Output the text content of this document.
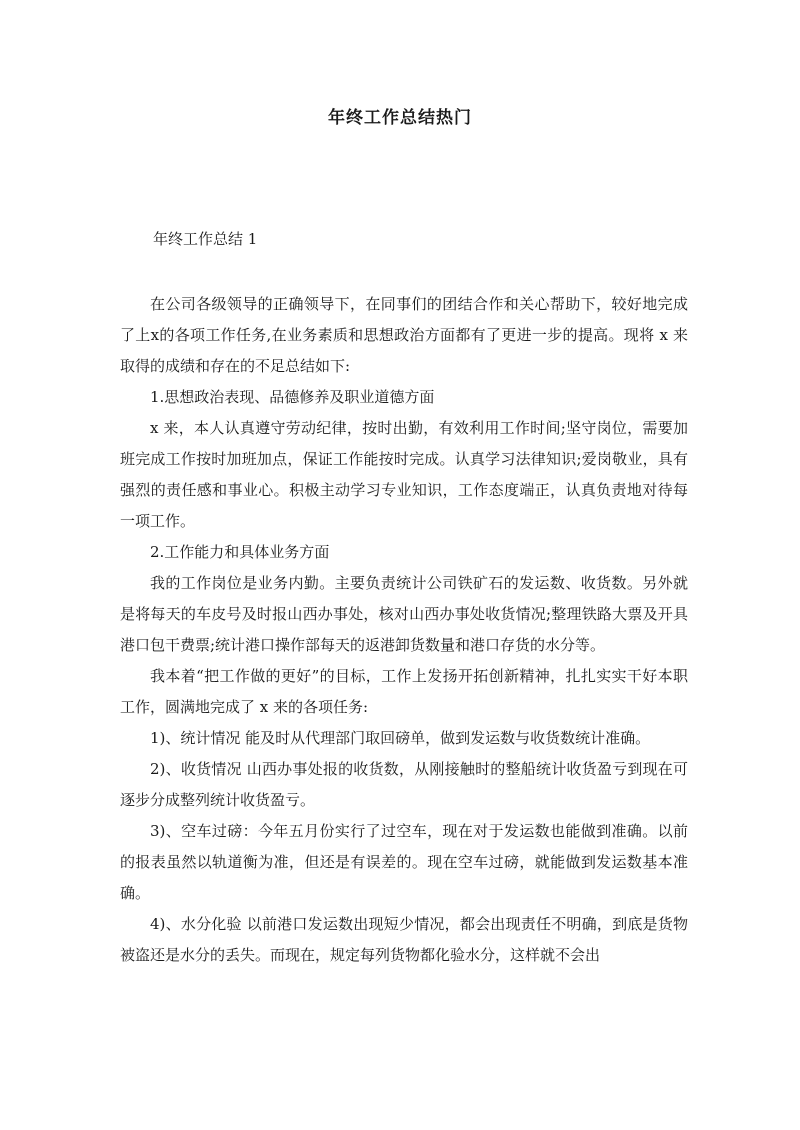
年终工作总结热门
年终工作总结 1

在公司各级领导的正确领导下，在同事们的团结合作和关心帮助下，较好地完成了上x的各项工作任务,在业务素质和思想政治方面都有了更进一步的提高。现将 x 来取得的成绩和存在的不足总结如下:

1.思想政治表现、品德修养及职业道德方面

x 来，本人认真遵守劳动纪律，按时出勤，有效利用工作时间;坚守岗位，需要加班完成工作按时加班加点，保证工作能按时完成。认真学习法律知识;爱岗敬业，具有强烈的责任感和事业心。积极主动学习专业知识，工作态度端正，认真负责地对待每一项工作。

2.工作能力和具体业务方面

我的工作岗位是业务内勤。主要负责统计公司铁矿石的发运数、收货数。另外就是将每天的车皮号及时报山西办事处，核对山西办事处收货情况;整理铁路大票及开具港口包干费票;统计港口操作部每天的返港卸货数量和港口存货的水分等。

我本着“把工作做的更好”的目标，工作上发扬开拓创新精神，扎扎实实干好本职工作，圆满地完成了 x 来的各项任务:

1)、统计情况 能及时从代理部门取回磅单，做到发运数与收货数统计准确。

2)、收货情况 山西办事处报的收货数，从刚接触时的整船统计收货盈亏到现在可逐步分成整列统计收货盈亏。

3)、空车过磅：今年五月份实行了过空车，现在对于发运数也能做到准确。以前的报表虽然以轨道衡为准，但还是有误差的。现在空车过磅，就能做到发运数基本准确。

4)、水分化验 以前港口发运数出现短少情况，都会出现责任不明确，到底是货物被盗还是水分的丢失。而现在，规定每列货物都化验水分，这样就不会出
